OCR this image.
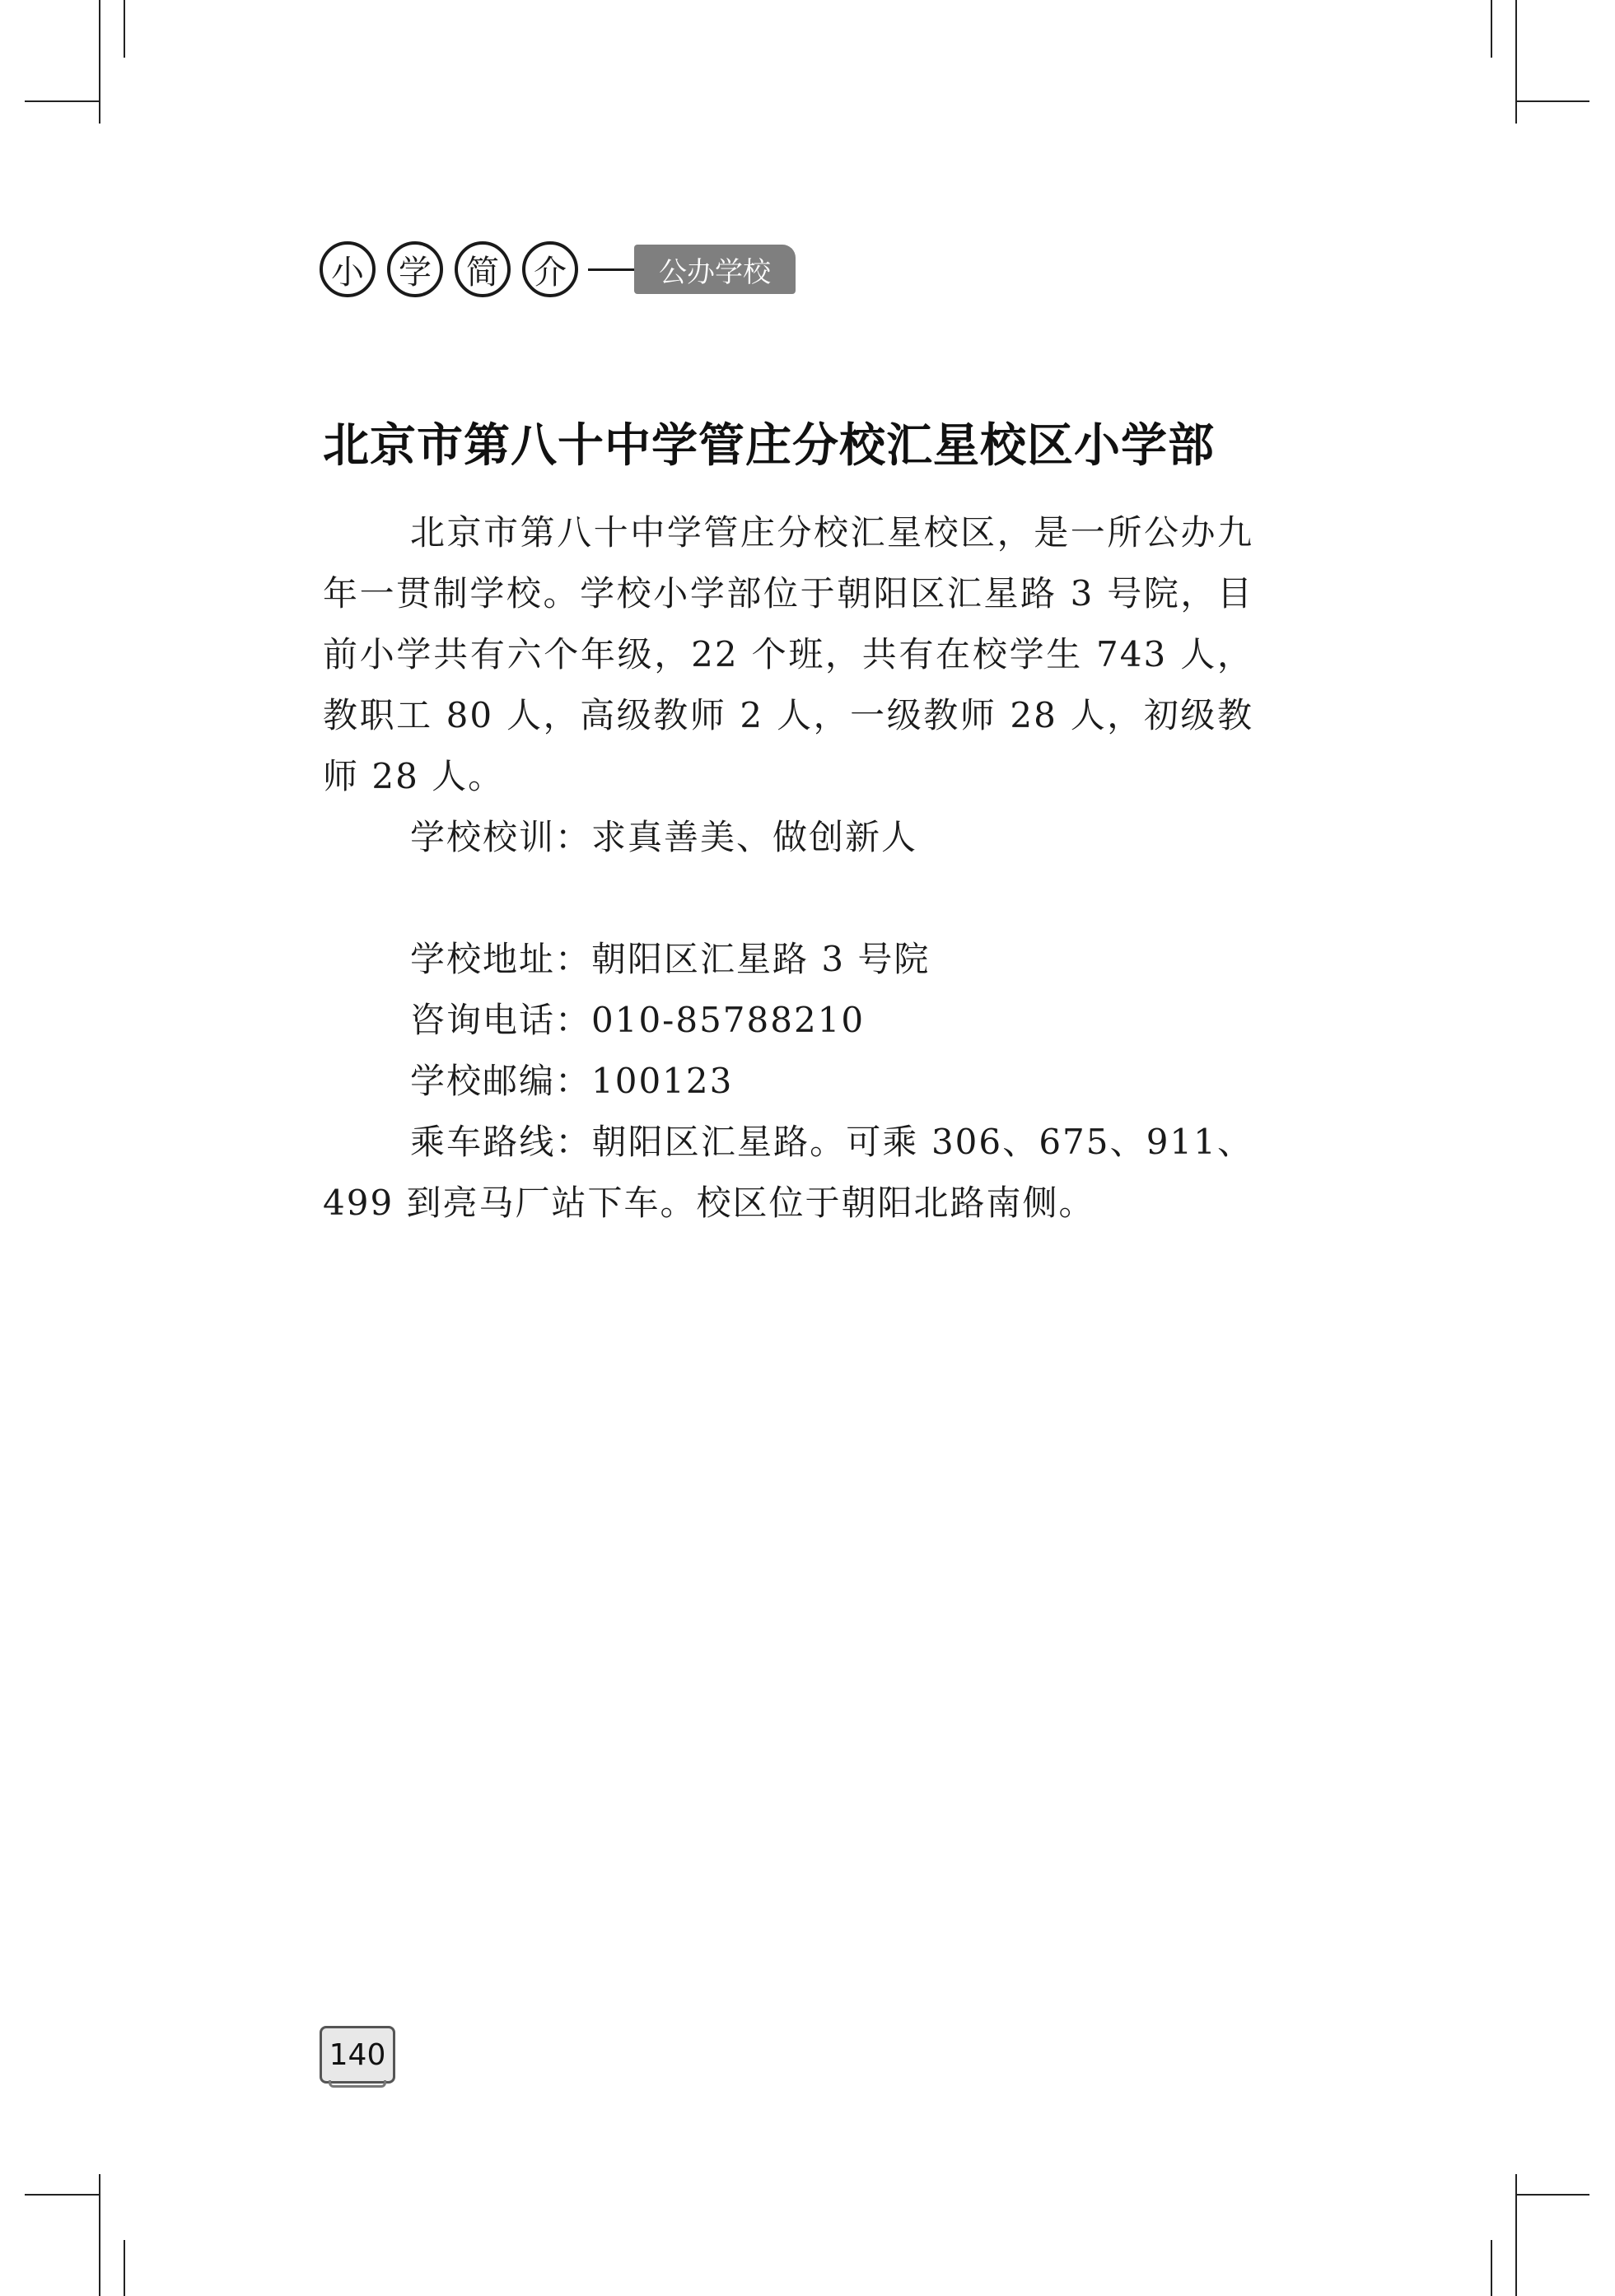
小	学	简	介	公办学校
北京市第八十中学管庄分校汇星校区小学部

北京市第八十中学管庄分校汇星校区，是一所公办九年一贯制学校。学校小学部位于朝阳区汇星路 3 号院，目前小学共有六个年级，22 个班，共有在校学生 743 人，教职工 80 人，高级教师 2 人，一级教师 28 人，初级教师 28 人。

学校校训：求真善美、做创新人

学校地址：朝阳区汇星路 3 号院

咨询电话：010-85788210

学校邮编：100123

乘车路线：朝阳区汇星路。可乘 306、675、911、499 到亮马厂站下车。校区位于朝阳北路南侧。

140
